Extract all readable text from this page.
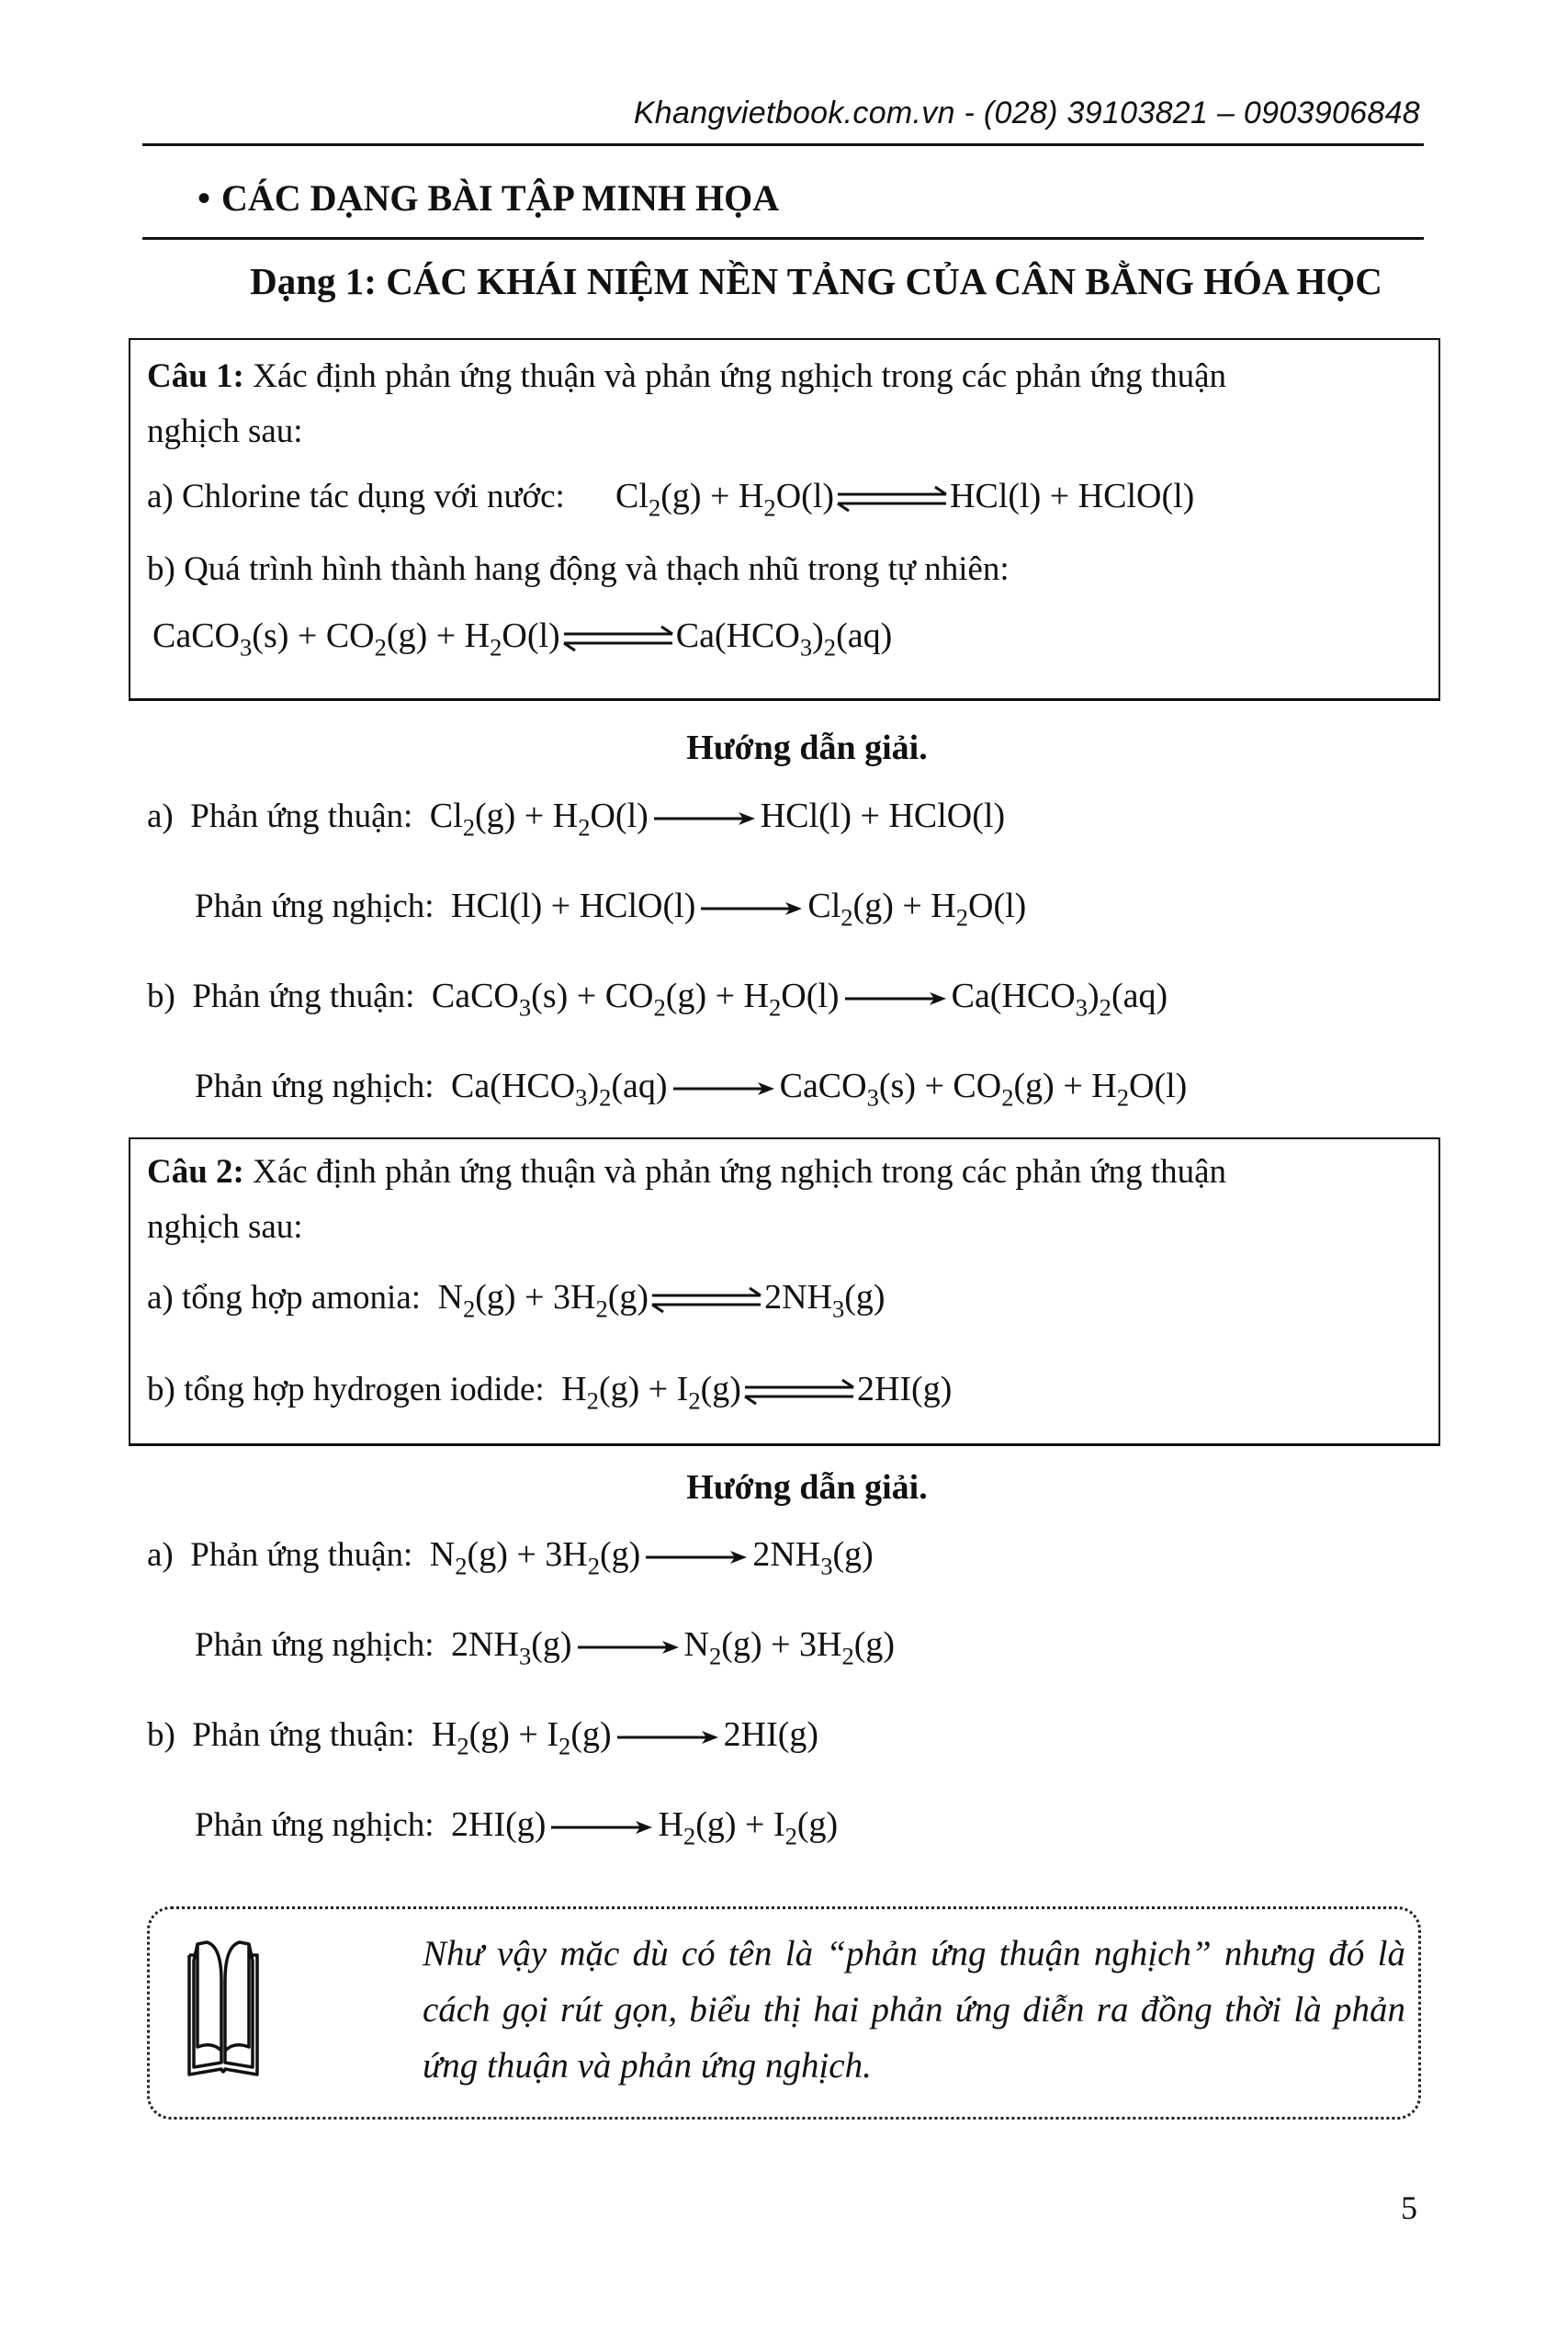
Khangvietbook.com.vn - (028) 39103821 – 0903906848
• CÁC DẠNG BÀI TẬP MINH HỌA
Dạng 1: CÁC KHÁI NIỆM NỀN TẢNG CỦA CÂN BẰNG HÓA HỌC
Câu 1: Xác định phản ứng thuận và phản ứng nghịch trong các phản ứng thuận
nghịch sau:
a) Chlorine tác dụng với nước: $Cl_2(g) + H_2O(l)$	HCl(l) + HClO(l)
b) Quá trình hình thành hang động và thạch nhũ trong tự nhiên:
CaCO$_3$(s) + $CO_2(g) + H_2O(l)$	$Ca(HCO_3)_2(aq)$
Hướng dẫn giải.
a) Phản ứng thuận: $Cl_2(g) + H_2O(l)$	HCl(l) + HClO(l)
Phản ứng nghịch: HCl(l) + HClO(l)	$Cl_2(g) + H_2O(l)$
b) Phản ứng thuận: CaCO$_3$(s) + $CO_2(g) + H_2O(l)$	$Ca(HCO_3)_2(aq)$
Phản ứng nghịch: $Ca(HCO_3)_2(aq)$	CaCO$_3$(s) + $CO_2(g) + H_2O(l)$
Câu 2: Xác định phản ứng thuận và phản ứng nghịch trong các phản ứng thuận
nghịch sau:
a) tổng hợp amonia: $N_2(g) + 3H_2(g)$	$2NH_3(g)$
b) tổng hợp hydrogen iodide: $H_2(g) + I_2(g)$	2HI(g)
Hướng dẫn giải.
a) Phản ứng thuận: $N_2(g) + 3H_2(g)$	$2NH_3(g)$
Phản ứng nghịch: $2NH_3(g)$	$N_2(g) + 3H_2(g)$
b) Phản ứng thuận: $H_2(g) + I_2(g)$	2HI(g)
Phản ứng nghịch: 2HI(g)	$H_2(g) + I_2(g)$
Như vậy mặc dù có tên là “phản ứng thuận nghịch” nhưng đó là cách gọi rút gọn, biểu thị hai phản ứng diễn ra đồng thời là phản ứng thuận và phản ứng nghịch.
5
